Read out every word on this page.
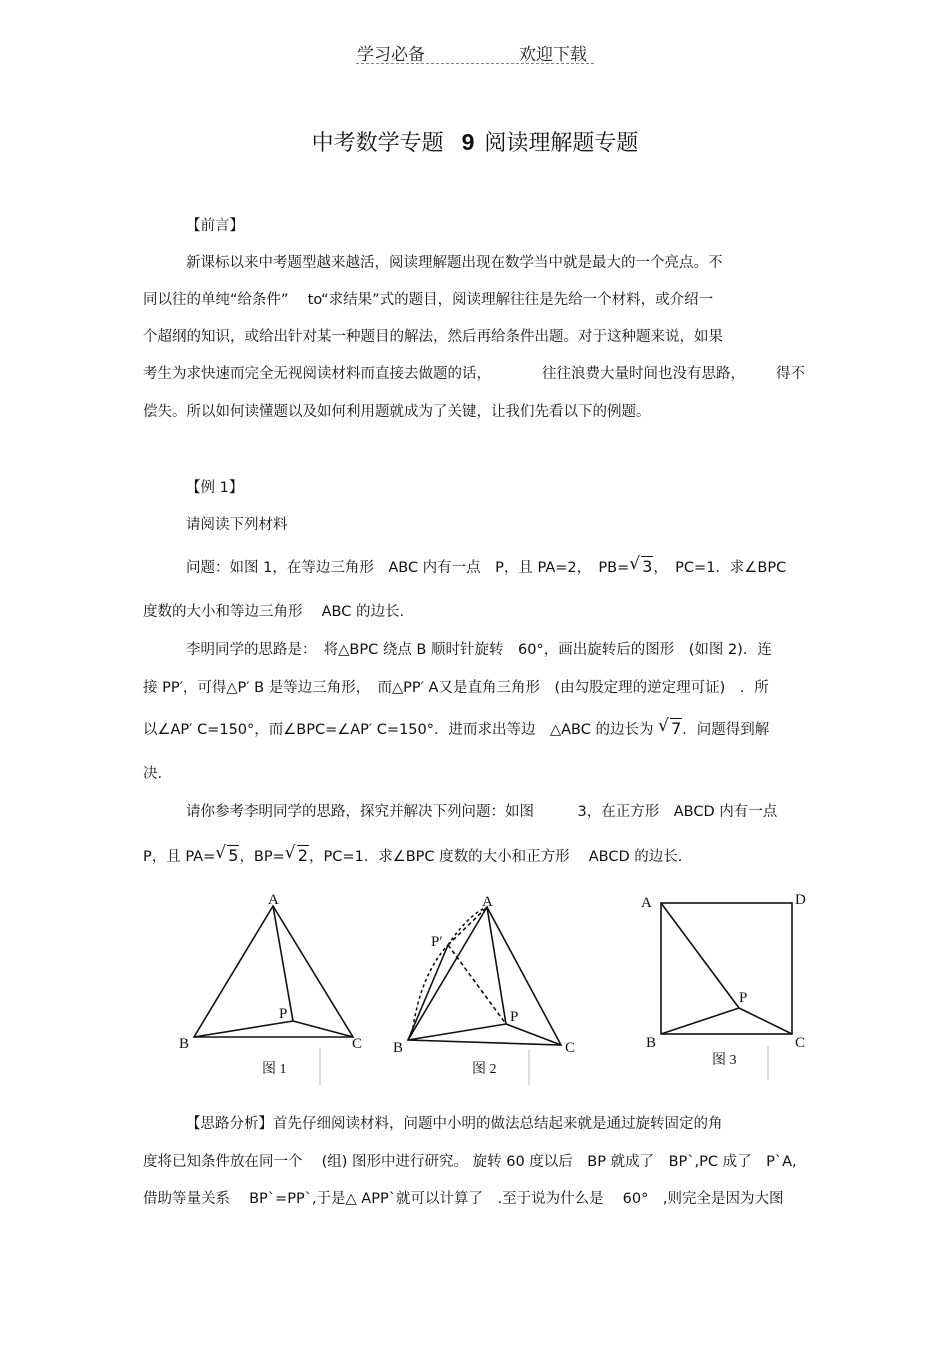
学习必备	欢迎下载
中考数学专题 9 阅读理解题专题
【前言】
新课标以来中考题型越来越活，阅读理解题出现在数学当中就是最大的一个亮点。不
同以往的单纯“给条件”　 to“求结果”式的题目，阅读理解往往是先给一个材料，或介绍一
个超纲的知识，或给出针对某一种题目的解法，然后再给条件出题。对于这种题来说，如果
考生为求快速而完全无视阅读材料而直接去做题的话，	往往浪费大量时间也没有思路， 得不
偿失。所以如何读懂题以及如何利用题就成为了关键，让我们先看以下的例题。
【例 1】
请阅读下列材料
问题：如图 1，在等边三角形　ABC 内有一点　P，且 PA=2，　PB= √ 3，　PC=1．求∠BPC
度数的大小和等边三角形　 ABC 的边长.
李明同学的思路是：　将△BPC 绕点 B 顺时针旋转　60°，画出旋转后的图形　(如图 2)．连
接 PP′，可得△P′ B 是等边三角形，　而△PP′ A又是直角三角形　(由勾股定理的逆定理可证)　．所
以∠AP′ C=150°，而∠BPC=∠AP′ C=150°．进而求出等边　△ABC 的边长为 √ 7．问题得到解
决.
请你参考李明同学的思路，探究并解决下列问题：如图　　　3，在正方形　ABCD 内有一点
P，且 PA= √ 5，BP= √ 2，PC=1．求∠BPC 度数的大小和正方形　 ABCD 的边长.
A
B	C
P
A
B	C
P
P′
A	D
B	C
P
图 1	图 2
图 3
【思路分析】首先仔细阅读材料，问题中小明的做法总结起来就是通过旋转固定的角
度将已知条件放在同一个　 (组) 图形中进行研究。 旋转 60 度以后　BP 就成了　BP`,PC 成了　P`A,
借助等量关系　 BP`=PP`,于是△ APP`就可以计算了　.至于说为什么是　 60°　,则完全是因为大图
